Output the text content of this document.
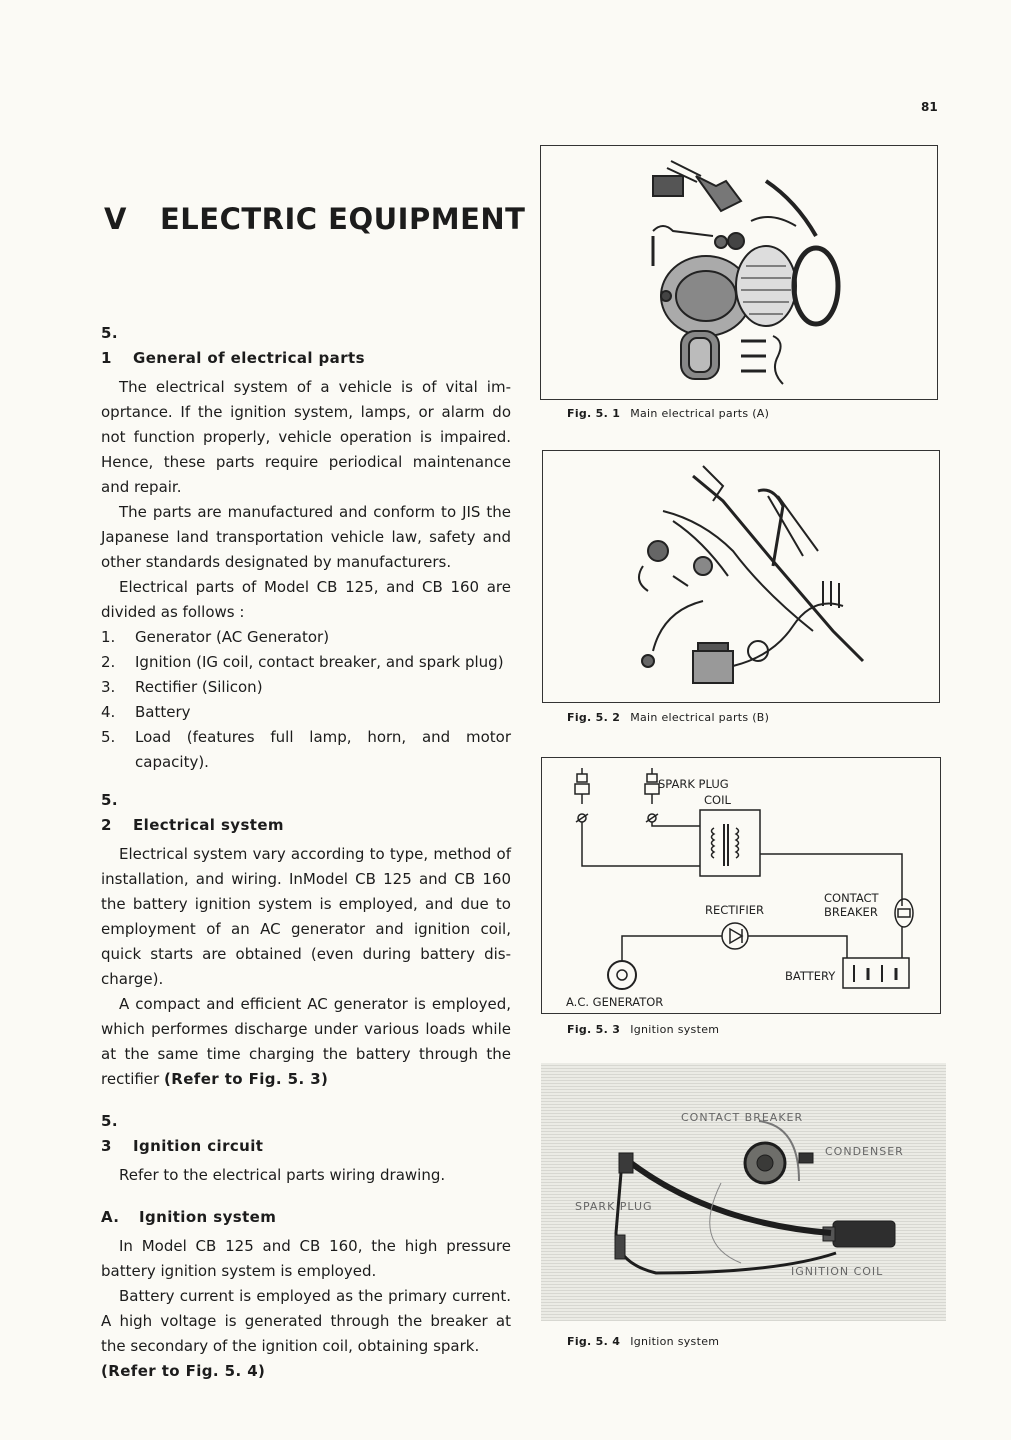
81
V ELECTRIC EQUIPMENT
5. 1 General of electrical parts

The electrical system of a vehicle is of vital im-oprtance. If the ignition system, lamps, or alarm do not function properly, vehicle operation is impaired. Hence, these parts require periodical maintenance and repair.

The parts are manufactured and conform to JIS the Japanese land transportation vehicle law, safety and other standards designated by manufacturers.

Electrical parts of Model CB 125, and CB 160 are divided as follows :

1. Generator (AC Generator)
2. Ignition (IG coil, contact breaker, and spark plug)
3. Rectifier (Silicon)
4. Battery
5. Load (features full lamp, horn, and motor capacity).
5. 2 Electrical system

Electrical system vary according to type, method of installation, and wiring. InModel CB 125 and CB 160 the battery ignition system is employed, and due to employment of an AC generator and ignition coil, quick starts are obtained (even during battery dis-charge).

A compact and efficient AC generator is employed, which performes discharge under various loads while at the same time charging the battery through the rectifier (Refer to Fig. 5. 3)

5. 3 Ignition circuit

Refer to the electrical parts wiring drawing.

A. Ignition system

In Model CB 125 and CB 160, the high pressure battery ignition system is employed.

Battery current is employed as the primary current. A high voltage is generated through the breaker at the secondary of the ignition coil, obtaining spark.

(Refer to Fig. 5. 4)

Fig. 5. 1 Main electrical parts (A)
Fig. 5. 2 Main electrical parts (B)
SPARK PLUG
COIL
CONTACT
BREAKER
RECTIFIER
BATTERY
A.C. GENERATOR
Fig. 5. 3 Ignition system
CONTACT BREAKER
CONDENSER
SPARK PLUG
IGNITION COIL
Fig. 5. 4 Ignition system
